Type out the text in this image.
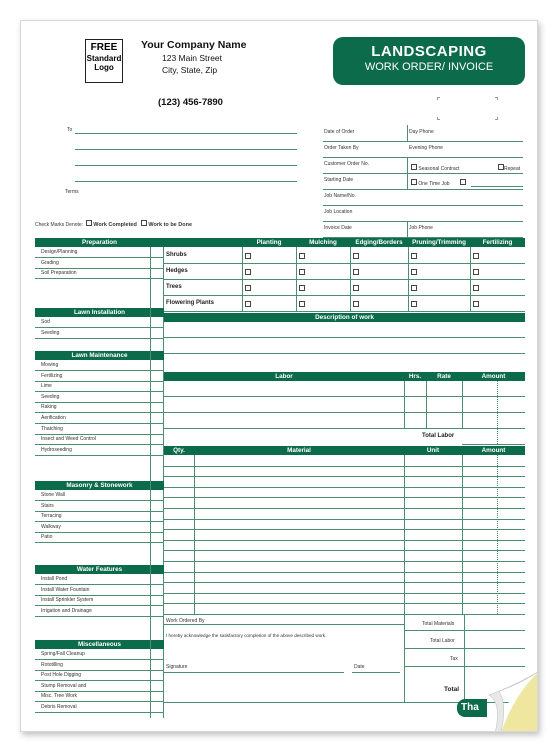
FREE
Standard
Logo
Your Company Name
123 Main Street
City, State, Zip
(123) 456-7890
LANDSCAPING
WORK ORDER/ INVOICE
To
Terms
Date of Order	Day Phone
Order Taken By	Evening Phone
Customer Order No.
Seasonal Contract	Repeat
Starting Date
One Time Job
Job Name/No.
Job Location
Invoice Date	Job Phone
Check Marks Denote: Work Completed Work to be Done
Preparation
Design/Planning
Grading
Soil Preparation
Lawn Installation
Sod
Seeding
Lawn Maintenance
Mowing
Fertilizing
Lime
Seeding
Raking
Aerification
Thatching
Insect and Weed Control
Hydroseeding
Masonry & Stonework
Stone Wall
Stairs
Terracing
Walkway
Patio
Water Features
Install Pond
Install Water Fountain
Install Sprinkler System
Irrigation and Drainage
Miscellaneous
Spring/Fall Cleanup
Rototilling
Post Hole Digging
Stump Removal and
Misc. Tree Work
Debris Removal
Planting	Mulching	Edging/Borders	Pruning/Trimming	Fertilizing
Shrubs
Hedges
Trees
Flowering Plants
Description of work
Labor	Hrs.	Rate	Amount
Total Labor
Qty.	Material	Unit	Amount
Work Ordered By
I hereby acknowledge the satisfactory completion of the above described work.
Signature	Date
Total Materials
Total Labor
Tax
Total
Tha
